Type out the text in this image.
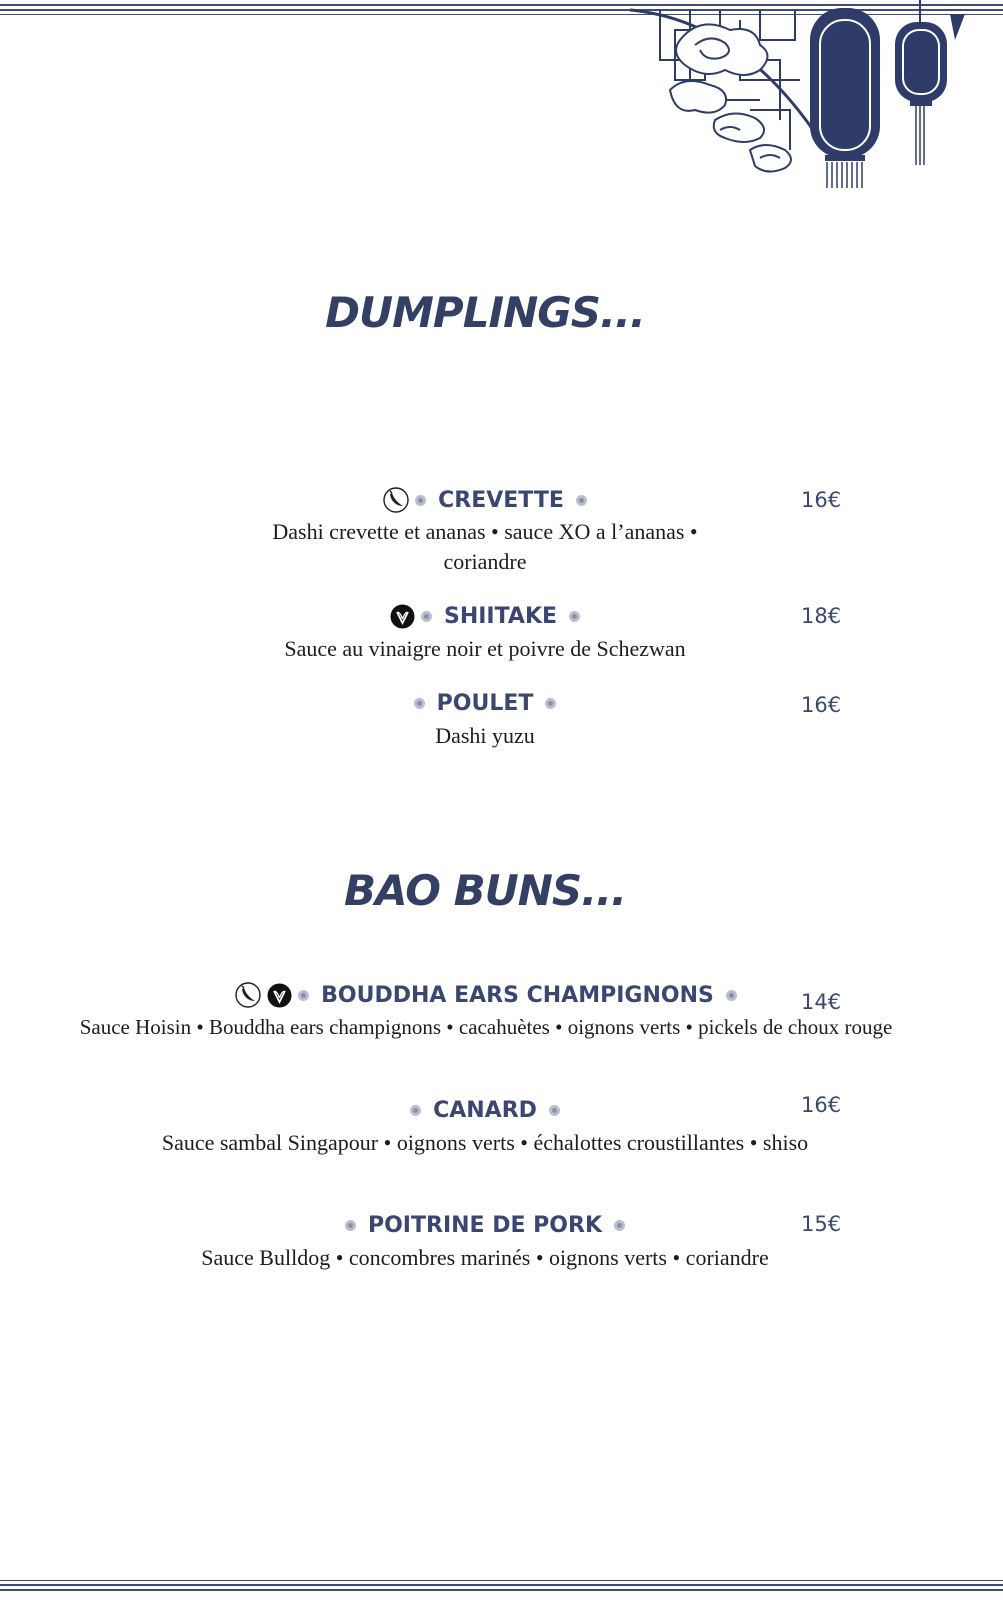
DUMPLINGS...
CREVETTE
Dashi crevette et ananas • sauce XO a l’ananas •
coriandre
16€
SHIITAKE
Sauce au vinaigre noir et poivre de Schezwan
18€
POULET
Dashi yuzu
16€
BAO BUNS...
BOUDDHA EARS CHAMPIGNONS
Sauce Hoisin • Bouddha ears champignons • cacahuètes • oignons verts • pickels de choux rouge
14€
CANARD
Sauce sambal Singapour • oignons verts • échalottes croustillantes • shiso
16€
POITRINE DE PORK
Sauce Bulldog • concombres marinés • oignons verts • coriandre
15€
